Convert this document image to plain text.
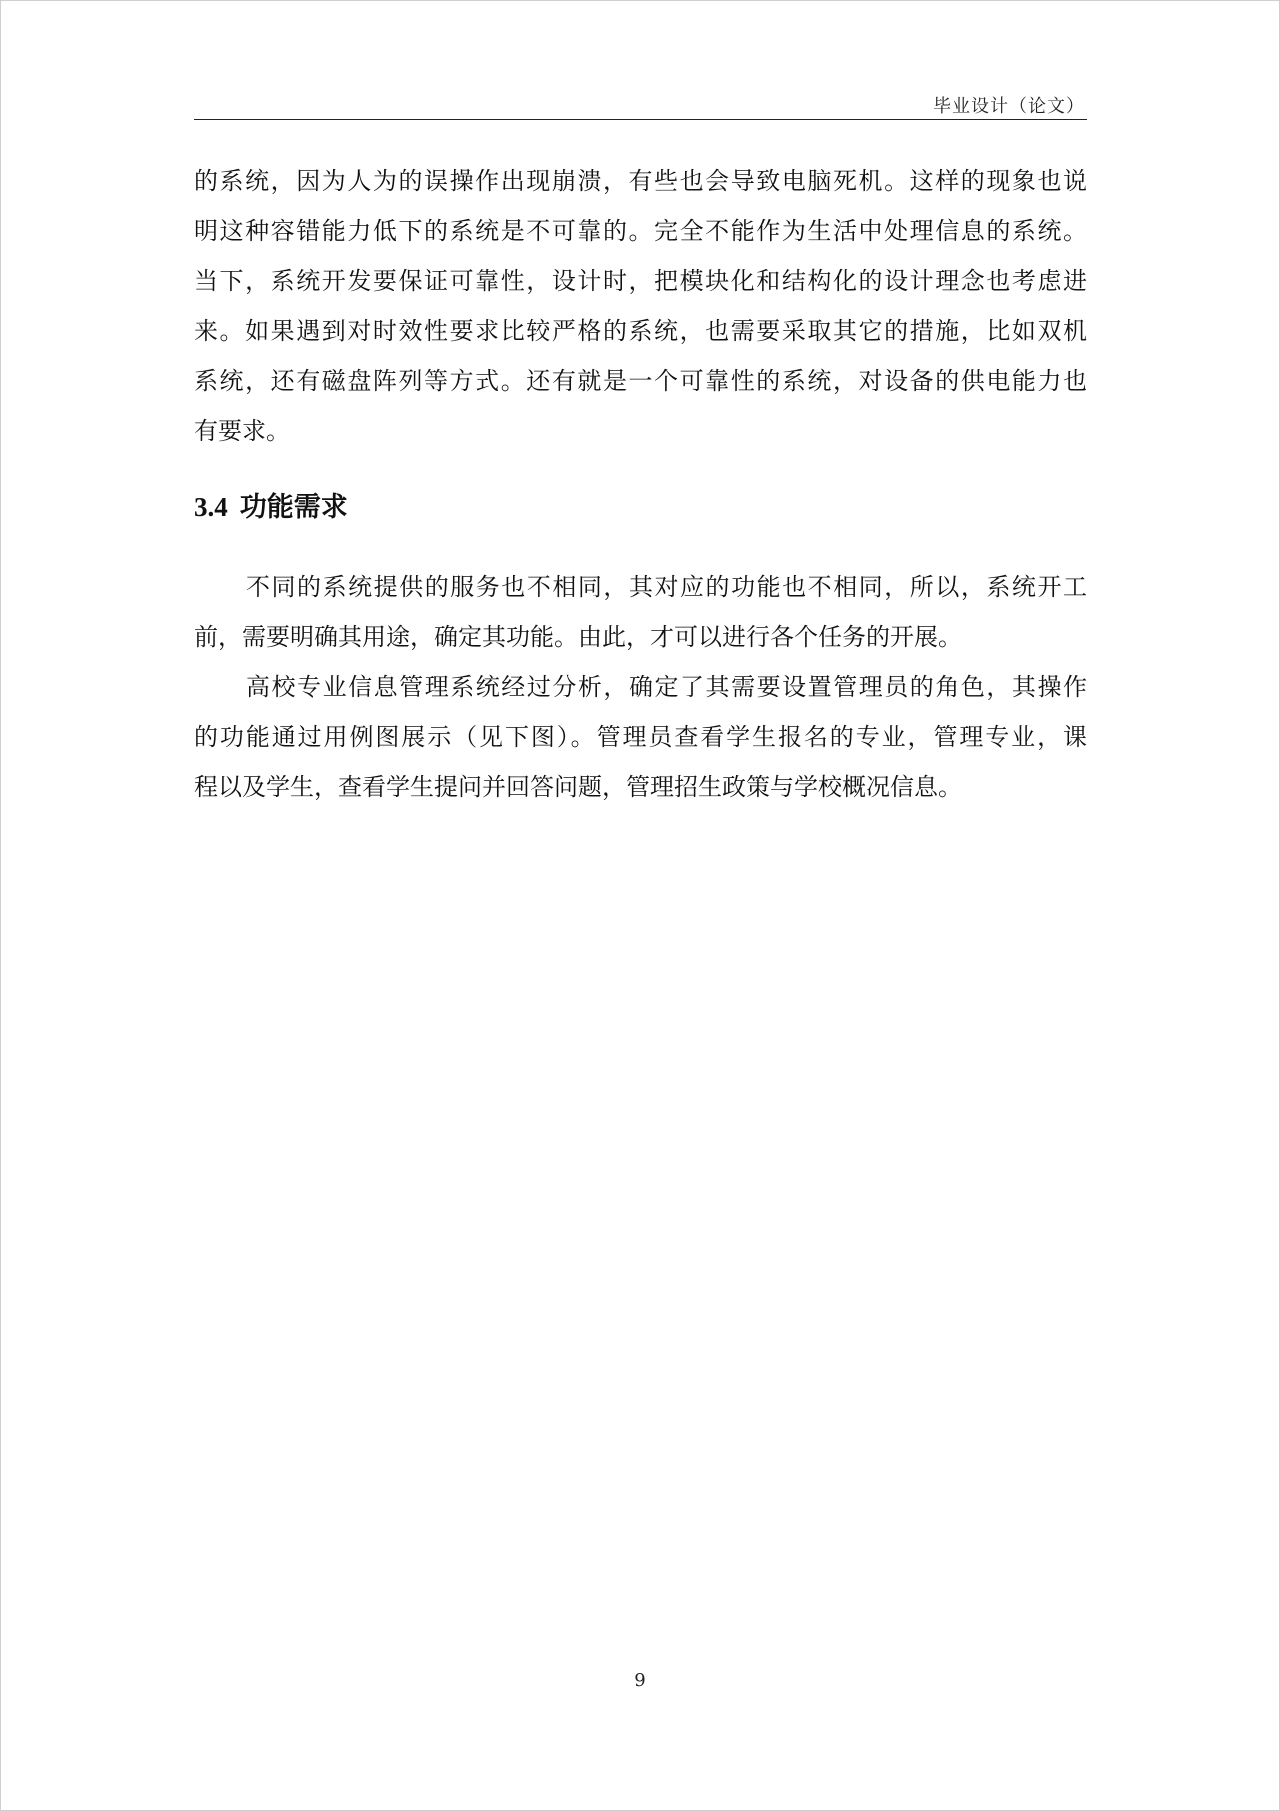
毕业设计（论文）
的系统，因为人为的误操作出现崩溃，有些也会导致电脑死机。这样的现象也说
明这种容错能力低下的系统是不可靠的。完全不能作为生活中处理信息的系统。
当下，系统开发要保证可靠性，设计时，把模块化和结构化的设计理念也考虑进
来。如果遇到对时效性要求比较严格的系统，也需要采取其它的措施，比如双机
系统，还有磁盘阵列等方式。还有就是一个可靠性的系统，对设备的供电能力也
有要求。
3.4 功能需求
不同的系统提供的服务也不相同，其对应的功能也不相同，所以，系统开工
前，需要明确其用途，确定其功能。由此，才可以进行各个任务的开展。
高校专业信息管理系统经过分析，确定了其需要设置管理员的角色，其操作
的功能通过用例图展示（见下图）。管理员查看学生报名的专业，管理专业，课
程以及学生，查看学生提问并回答问题，管理招生政策与学校概况信息。
9
